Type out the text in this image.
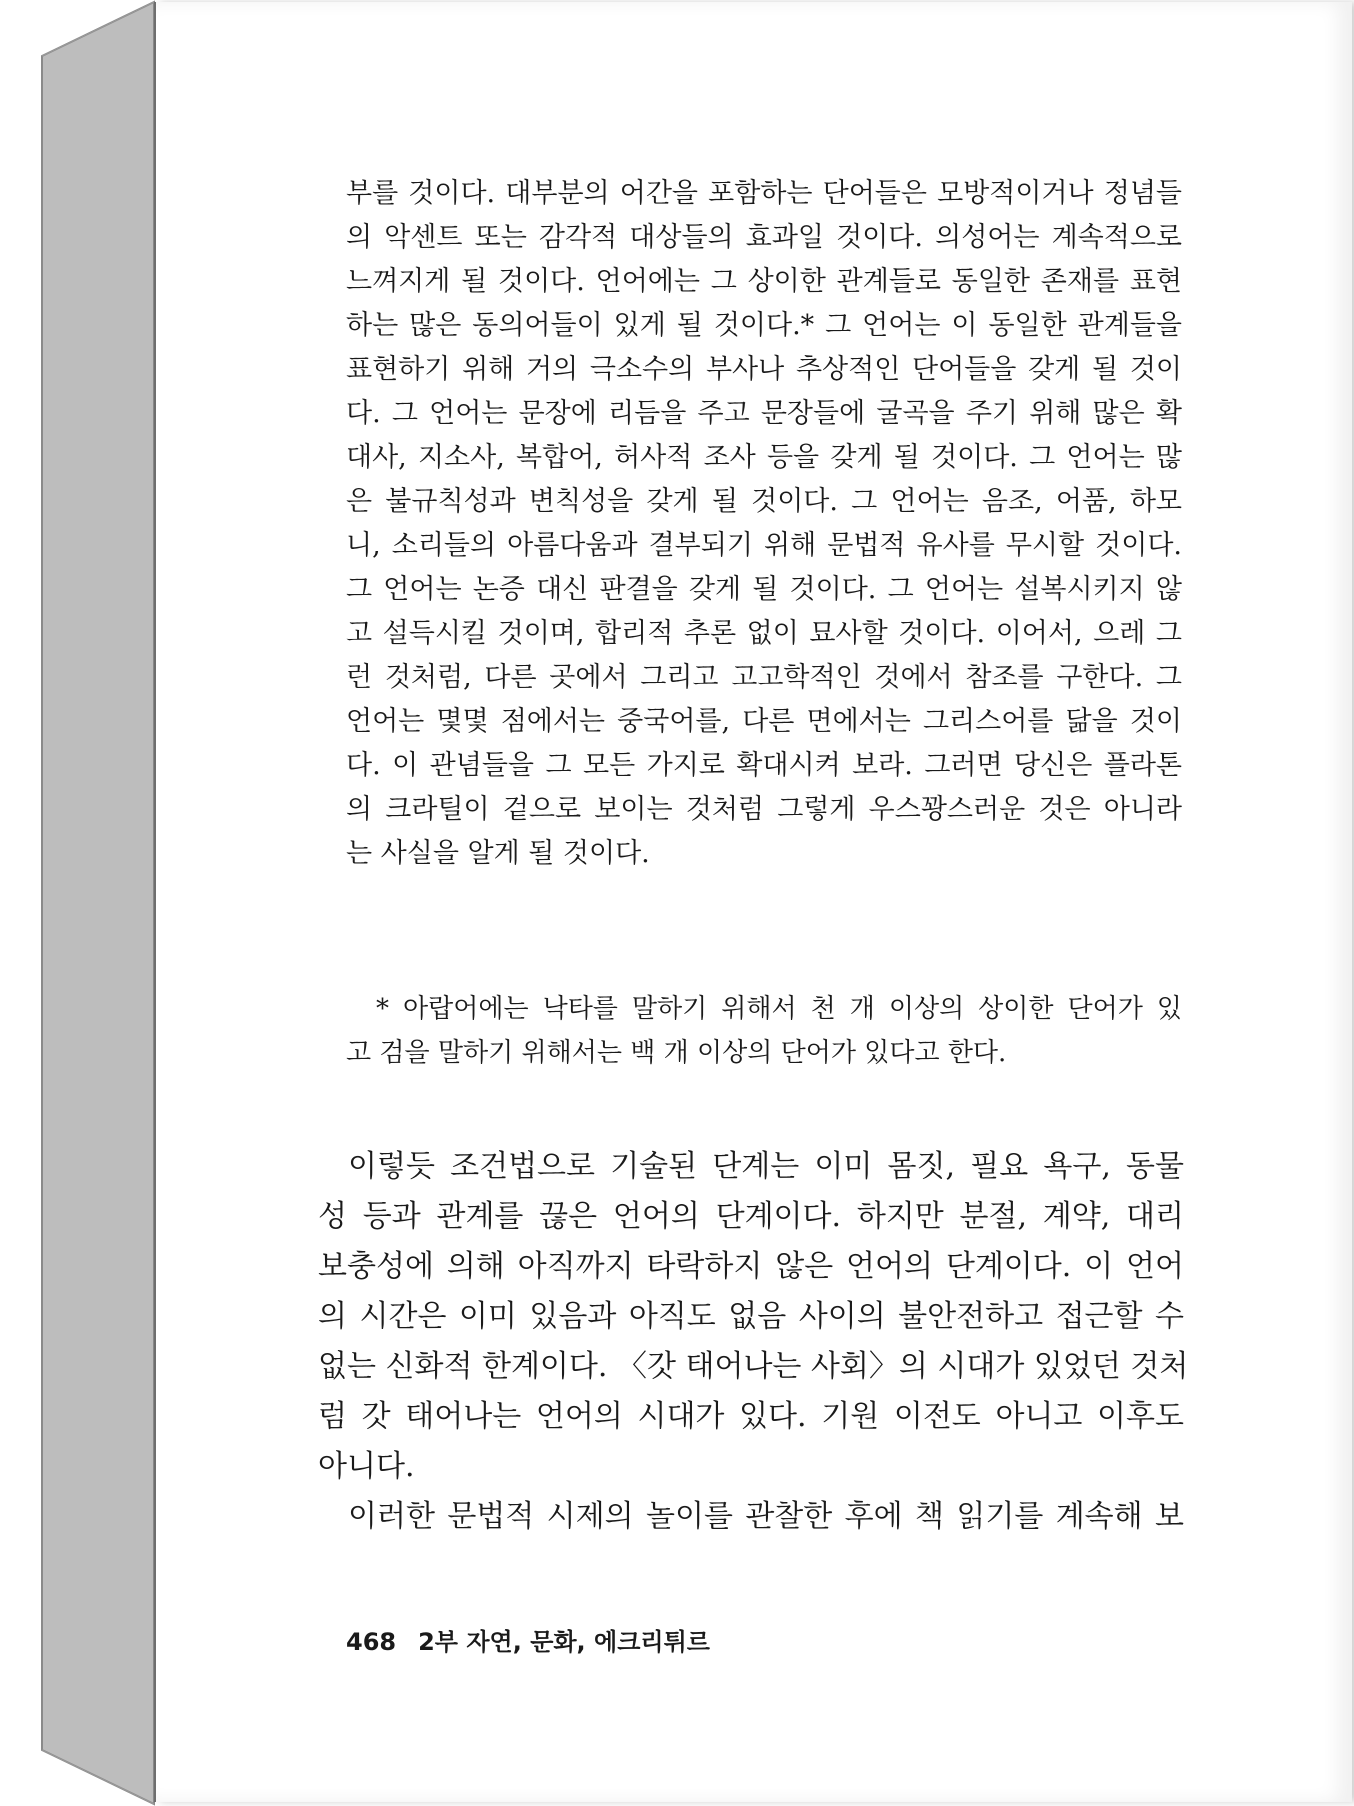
부를 것이다. 대부분의 어간을 포함하는 단어들은 모방적이거나 정념들

의 악센트 또는 감각적 대상들의 효과일 것이다. 의성어는 계속적으로

느껴지게 될 것이다. 언어에는 그 상이한 관계들로 동일한 존재를 표현

하는 많은 동의어들이 있게 될 것이다.* 그 언어는 이 동일한 관계들을

표현하기 위해 거의 극소수의 부사나 추상적인 단어들을 갖게 될 것이

다. 그 언어는 문장에 리듬을 주고 문장들에 굴곡을 주기 위해 많은 확

대사, 지소사, 복합어, 허사적 조사 등을 갖게 될 것이다. 그 언어는 많

은 불규칙성과 변칙성을 갖게 될 것이다. 그 언어는 음조, 어품, 하모

니, 소리들의 아름다움과 결부되기 위해 문법적 유사를 무시할 것이다.

그 언어는 논증 대신 판결을 갖게 될 것이다. 그 언어는 설복시키지 않

고 설득시킬 것이며, 합리적 추론 없이 묘사할 것이다. 이어서, 으레 그

런 것처럼, 다른 곳에서 그리고 고고학적인 것에서 참조를 구한다. 그

언어는 몇몇 점에서는 중국어를, 다른 면에서는 그리스어를 닮을 것이

다. 이 관념들을 그 모든 가지로 확대시켜 보라. 그러면 당신은 플라톤

의 크라틸이 겉으로 보이는 것처럼 그렇게 우스꽝스러운 것은 아니라

는 사실을 알게 될 것이다.

* 아랍어에는 낙타를 말하기 위해서 천 개 이상의 상이한 단어가 있

고 검을 말하기 위해서는 백 개 이상의 단어가 있다고 한다.

이렇듯 조건법으로 기술된 단계는 이미 몸짓, 필요 욕구, 동물

성 등과 관계를 끊은 언어의 단계이다. 하지만 분절, 계약, 대리

보충성에 의해 아직까지 타락하지 않은 언어의 단계이다. 이 언어

의 시간은 이미 있음과 아직도 없음 사이의 불안전하고 접근할 수

없는 신화적 한계이다. 〈갓 태어나는 사회〉의 시대가 있었던 것처

럼 갓 태어나는 언어의 시대가 있다. 기원 이전도 아니고 이후도

아니다.

이러한 문법적 시제의 놀이를 관찰한 후에 책 읽기를 계속해 보

468 2부 자연, 문화, 에크리튀르
